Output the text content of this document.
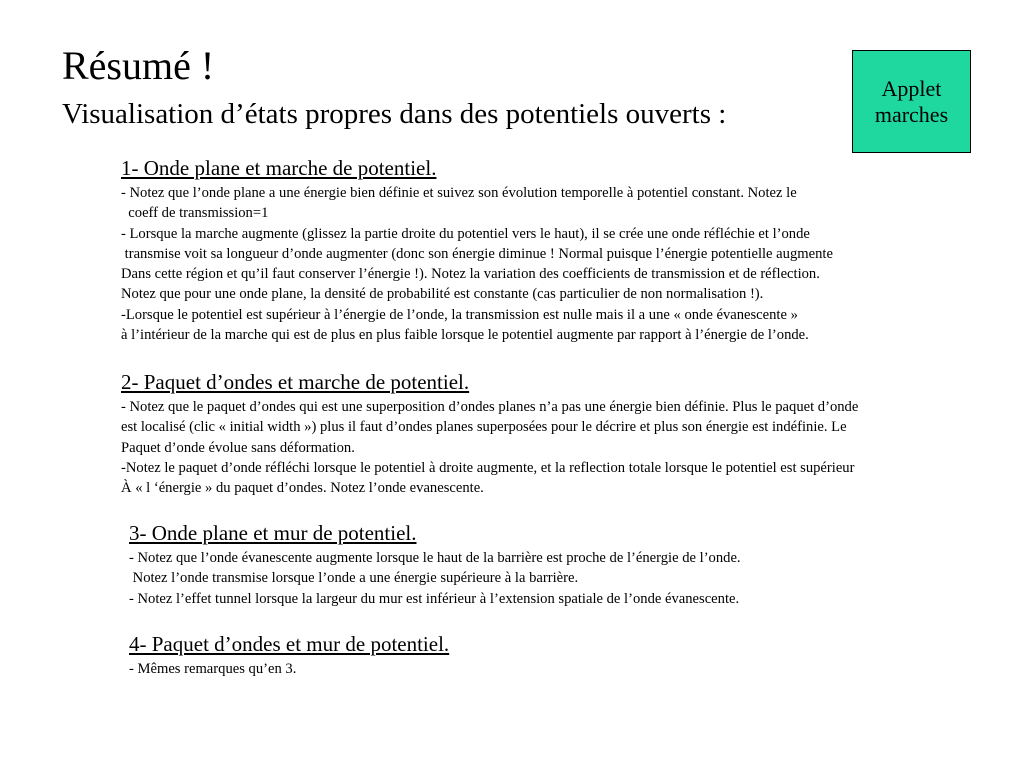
Résumé !
Visualisation d’états propres dans des potentiels ouverts :
Applet
marches
1- Onde plane et marche de potentiel.
- Notez que l’onde plane a une énergie bien définie et suivez son évolution temporelle à potentiel constant. Notez le
coeff de transmission=1
- Lorsque la marche augmente (glissez la partie droite du potentiel vers le haut), il se crée une onde réfléchie et l’onde
transmise voit sa longueur d’onde augmenter (donc son énergie diminue ! Normal puisque l’énergie potentielle augmente
Dans cette région et qu’il faut conserver l’énergie !). Notez la variation des coefficients de transmission et de réflection.
Notez que pour une onde plane, la densité de probabilité est constante (cas particulier de non normalisation !).
-Lorsque le potentiel est supérieur à l’énergie de l’onde, la transmission est nulle mais il a une « onde évanescente »
à l’intérieur de la marche qui est de plus en plus faible lorsque le potentiel augmente par rapport à l’énergie de l’onde.
2- Paquet d’ondes et marche de potentiel.
- Notez que le paquet d’ondes qui est une superposition d’ondes planes n’a pas une énergie bien définie. Plus le paquet d’onde
est localisé (clic « initial width ») plus il faut d’ondes planes superposées pour le décrire et plus son énergie est indéfinie. Le
Paquet d’onde évolue sans déformation.
-Notez le paquet d’onde réfléchi lorsque le potentiel à droite augmente, et la reflection totale lorsque le potentiel est supérieur
À « l ‘énergie » du paquet d’ondes. Notez l’onde evanescente.
3- Onde plane et mur de potentiel.
- Notez que l’onde évanescente augmente lorsque le haut de la barrière est proche de l’énergie de l’onde.
Notez l’onde transmise lorsque l’onde a une énergie supérieure à la barrière.
- Notez l’effet tunnel lorsque la largeur du mur est inférieur à l’extension spatiale de l’onde évanescente.
4- Paquet d’ondes et mur de potentiel.
- Mêmes remarques qu’en 3.
